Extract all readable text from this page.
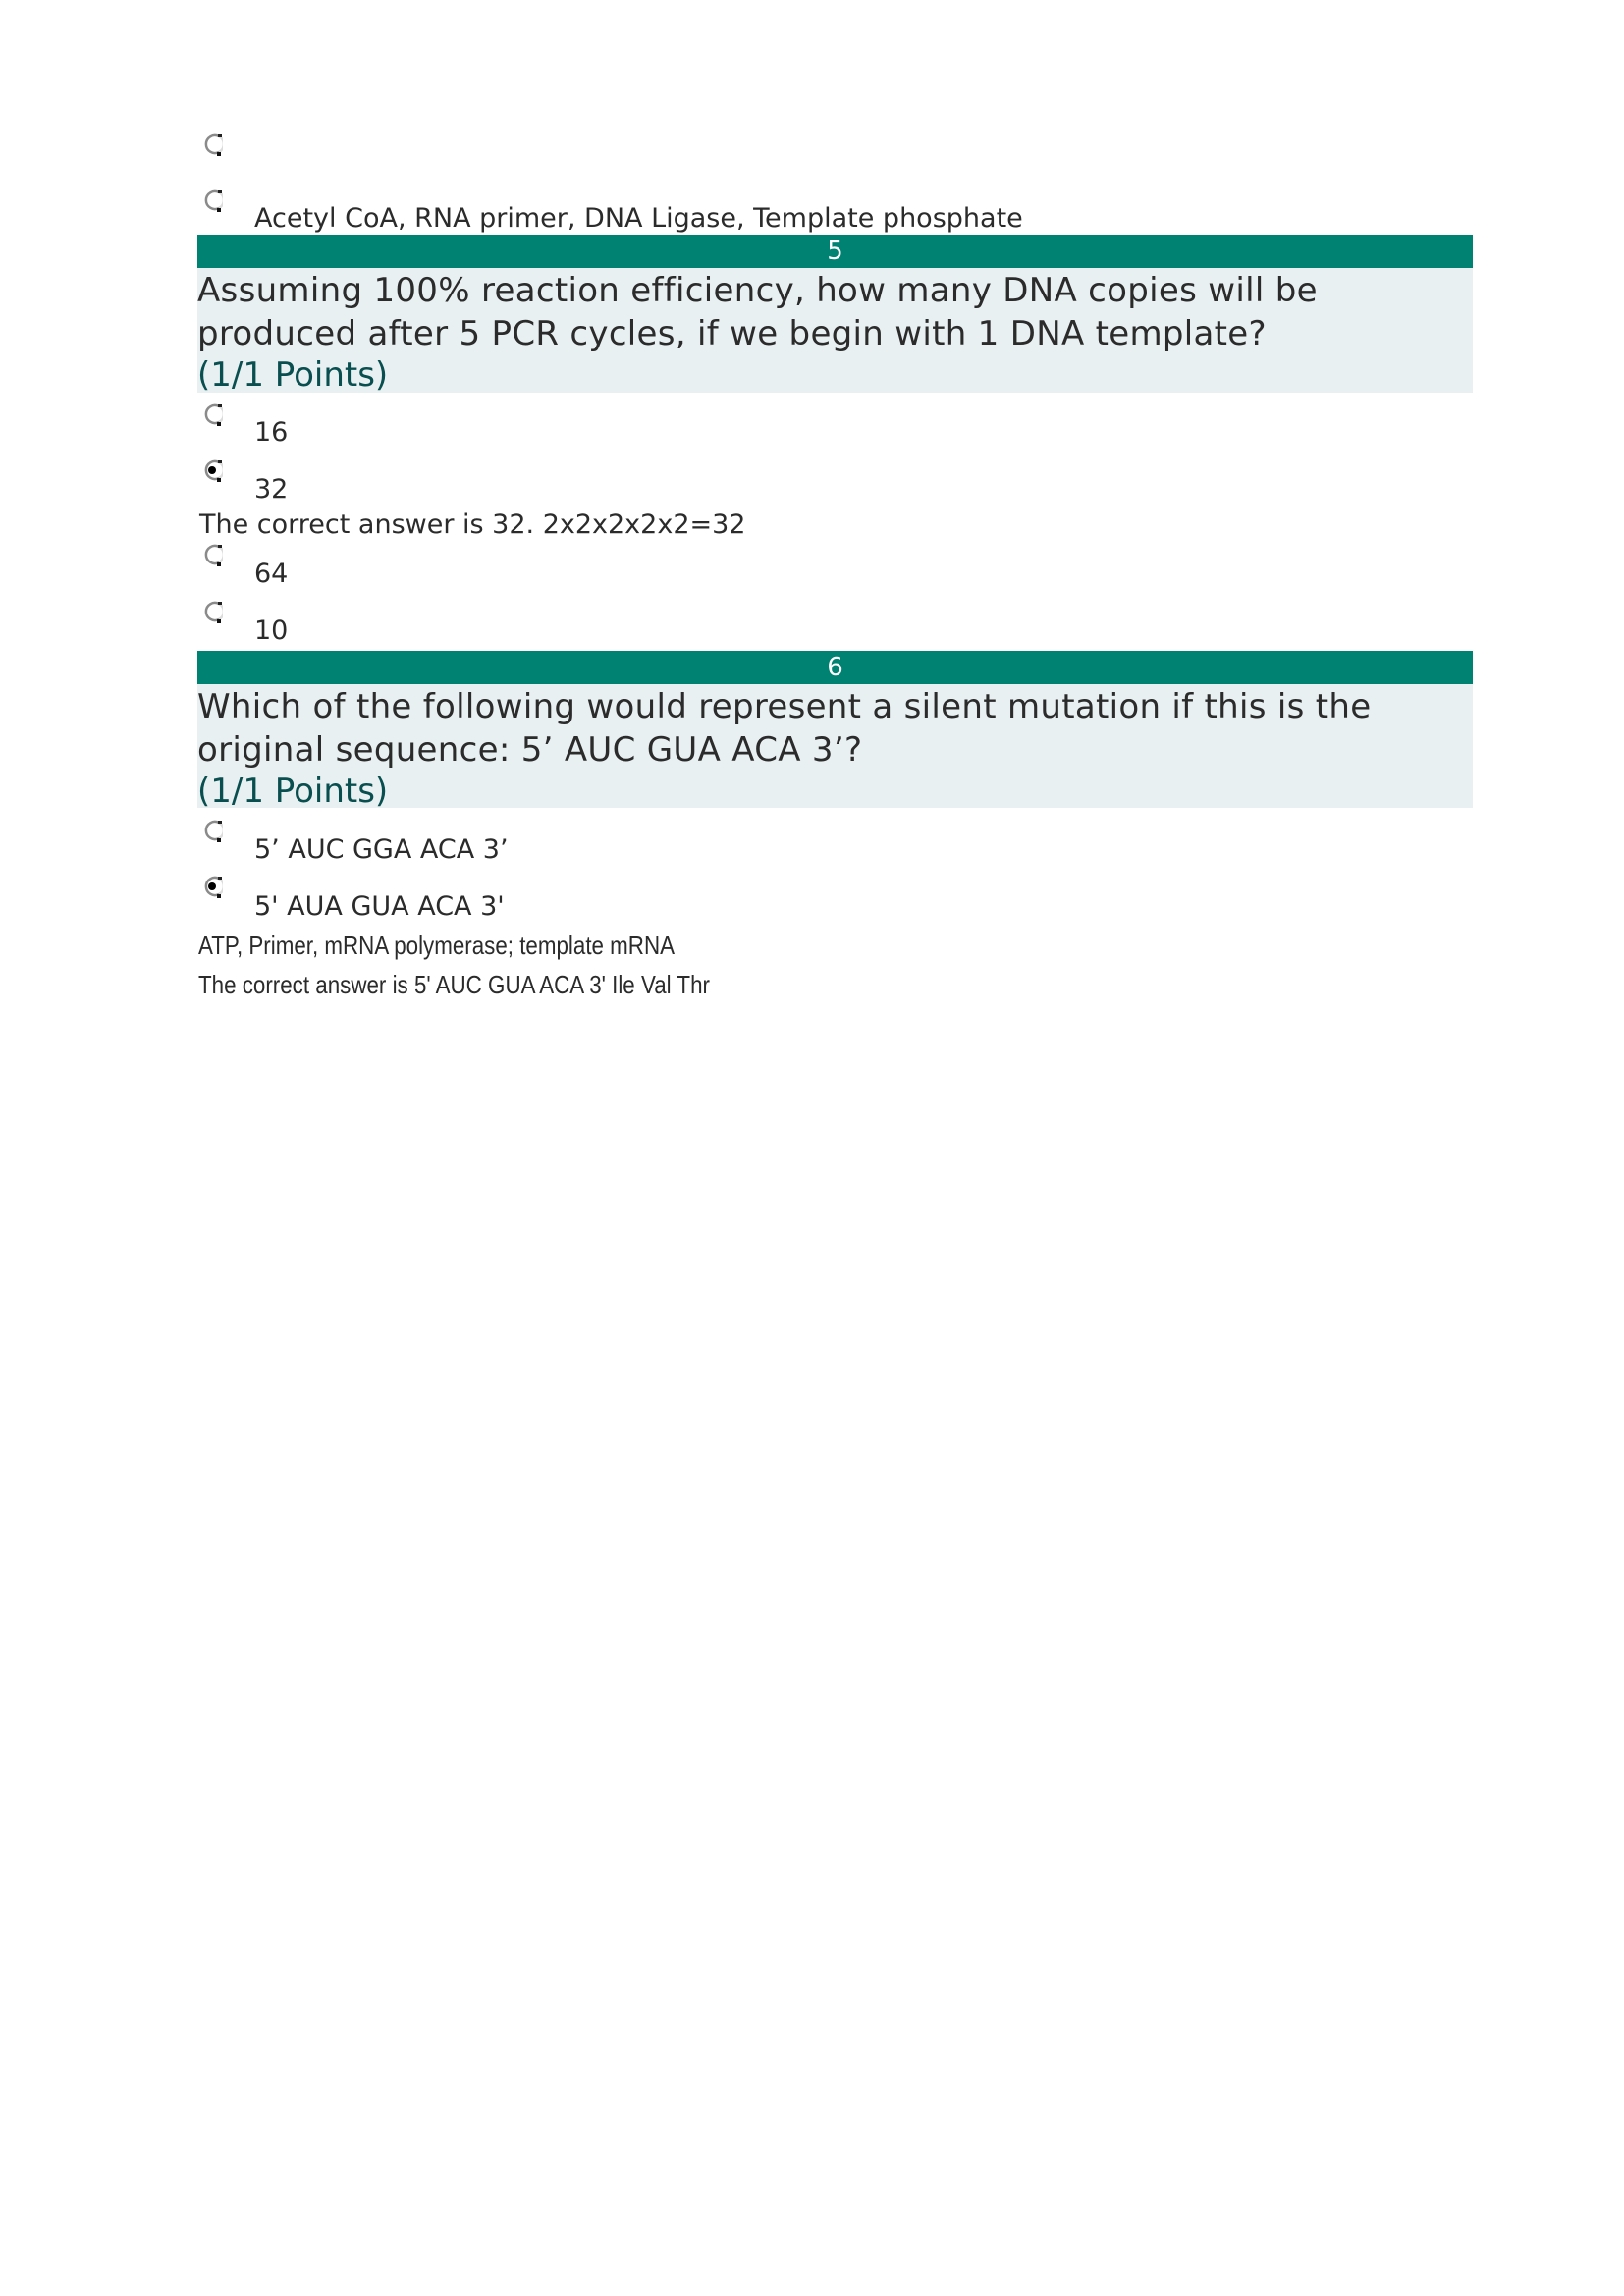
Acetyl CoA, RNA primer, DNA Ligase, Template phosphate
5
Assuming 100% reaction efficiency, how many DNA copies will be
produced after 5 PCR cycles, if we begin with 1 DNA template?
(1/1 Points)
16
32
The correct answer is 32. 2x2x2x2x2=32
64
10
6
Which of the following would represent a silent mutation if this is the
original sequence: 5’ AUC GUA ACA 3’?
(1/1 Points)
5’ AUC GGA ACA 3’
5' AUA GUA ACA 3'
ATP, Primer, mRNA polymerase; template mRNA
The correct answer is 5' AUC GUA ACA 3' Ile Val Thr
